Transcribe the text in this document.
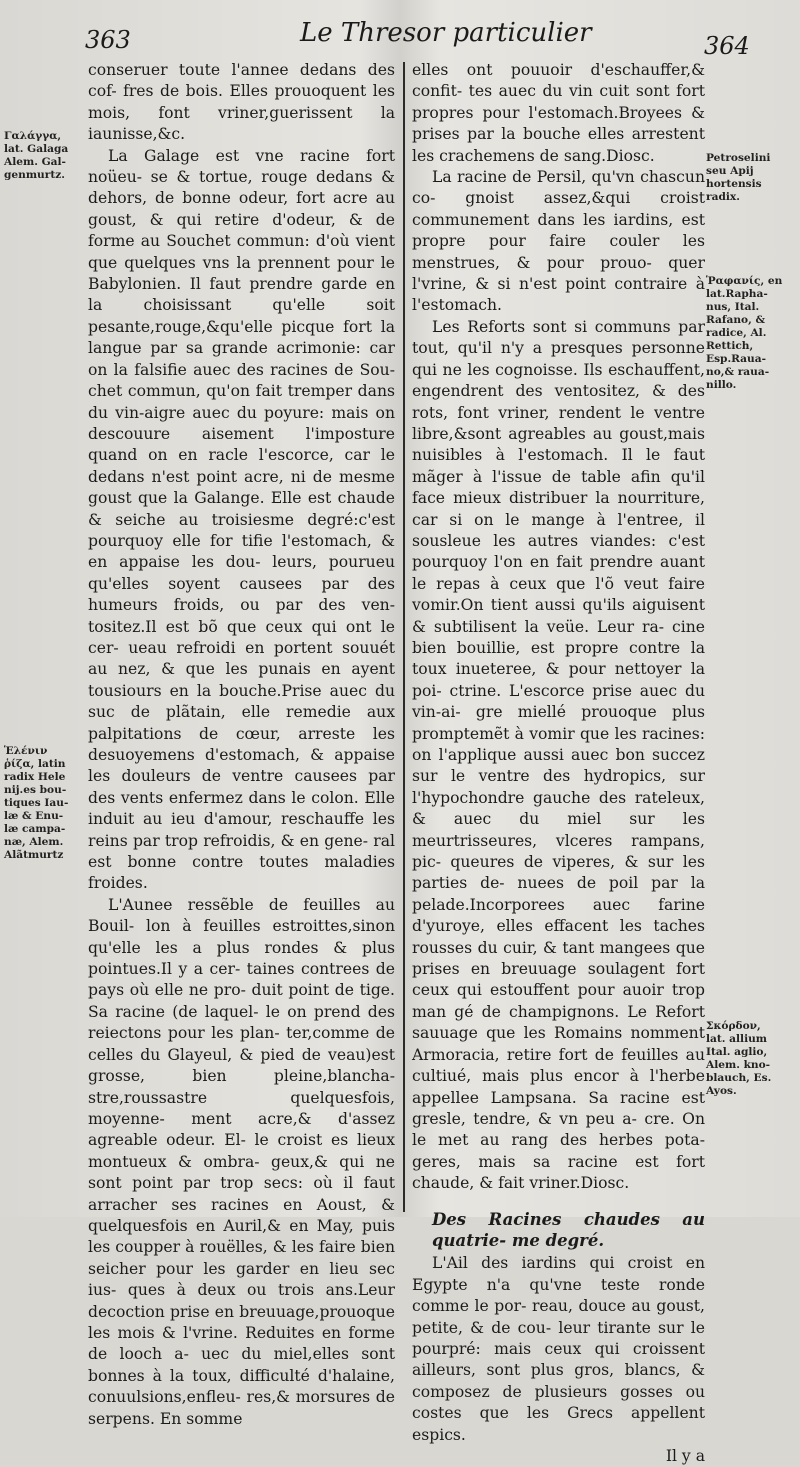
363	Le Thresor particulier	364

conseruer toute l'annee dedans des cof- fres de bois. Elles prouoquent les mois, font vriner,guerissent la iaunisse,&c.

La Galage est vne racine fort noüeu- se & tortue, rouge dedans & dehors, de bonne odeur, fort acre au goust, & qui retire d'odeur, & de forme au Souchet commun: d'où vient que quelques vns la prennent pour le Babylonien. Il faut prendre garde en la choisissant qu'elle soit pesante,rouge,&qu'elle picque fort la langue par sa grande acrimonie: car on la falsifie auec des racines de Sou- chet commun, qu'on fait tremper dans du vin-aigre auec du poyure: mais on descouure aisement l'imposture quand on en racle l'escorce, car le dedans n'est point acre, ni de mesme goust que la Galange. Elle est chaude & seiche au troisiesme degré:c'est pourquoy elle for tifie l'estomach, & en appaise les dou- leurs, pourueu qu'elles soyent causees par des humeurs froids, ou par des ven- tositez.Il est bõ que ceux qui ont le cer- ueau refroidi en portent souuét au nez, & que les punais en ayent tousiours en la bouche.Prise auec du suc de plãtain, elle remedie aux palpitations de cœur, arreste les desuoyemens d'estomach, & appaise les douleurs de ventre causees par des vents enfermez dans le colon. Elle induit au ieu d'amour, reschauffe les reins par trop refroidis, & en gene- ral est bonne contre toutes maladies froides.

L'Aunee ressẽble de feuilles au Bouil- lon à feuilles estroittes,sinon qu'elle les a plus rondes & plus pointues.Il y a cer- taines contrees de pays où elle ne pro- duit point de tige. Sa racine (de laquel- le on prend des reiectons pour les plan- ter,comme de celles du Glayeul, & pied de veau)est grosse, bien pleine,blancha- stre,roussastre quelquesfois, moyenne- ment acre,& d'assez agreable odeur. El- le croist es lieux montueux & ombra- geux,& qui ne sont point par trop secs: où il faut arracher ses racines en Aoust, & quelquesfois en Auril,& en May, puis les coupper à rouëlles, & les faire bien seicher pour les garder en lieu sec ius- ques à deux ou trois ans.Leur decoction prise en breuuage,prouoque les mois & l'vrine. Reduites en forme de looch a- uec du miel,elles sont bonnes à la toux, difficulté d'halaine, conuulsions,enfleu- res,& morsures de serpens. En somme

elles ont pouuoir d'eschauffer,& confit- tes auec du vin cuit sont fort propres pour l'estomach.Broyees & prises par la bouche elles arrestent les crachemens de sang.Diosc.

La racine de Persil, qu'vn chascun co- gnoist assez,&qui croist communement dans les iardins, est propre pour faire couler les menstrues, & pour prouo- quer l'vrine, & si n'est point contraire à l'estomach.

Les Reforts sont si communs par tout, qu'il n'y a presques personne qui ne les cognoisse. Ils eschauffent, engendrent des ventositez, & des rots, font vriner, rendent le ventre libre,&sont agreables au goust,mais nuisibles à l'estomach. Il le faut mãger à l'issue de table afin qu'il face mieux distribuer la nourriture, car si on le mange à l'entree, il sousleue les autres viandes: c'est pourquoy l'on en fait prendre auant le repas à ceux que l'õ veut faire vomir.On tient aussi qu'ils aiguisent & subtilisent la veüe. Leur ra- cine bien bouillie, est propre contre la toux inueteree, & pour nettoyer la poi- ctrine. L'escorce prise auec du vin-ai- gre miellé prouoque plus promptemẽt à vomir que les racines: on l'applique aussi auec bon succez sur le ventre des hydropics, sur l'hypochondre gauche des rateleux, & auec du miel sur les meurtrisseures, vlceres rampans, pic- queures de viperes, & sur les parties de- nuees de poil par la pelade.Incorporees auec farine d'yuroye, elles effacent les taches rousses du cuir, & tant mangees que prises en breuuage soulagent fort ceux qui estouffent pour auoir trop man gé de champignons. Le Refort sauuage que les Romains nomment Armoracia, retire fort de feuilles au cultiué, mais plus encor à l'herbe appellee Lampsana. Sa racine est gresle, tendre, & vn peu a- cre. On le met au rang des herbes pota- geres, mais sa racine est fort chaude, & fait vriner.Diosc.

Des Racines chaudes au quatrie- me degré.

L'Ail des iardins qui croist en Egypte n'a qu'vne teste ronde comme le por- reau, douce au goust, petite, & de cou- leur tirante sur le pourpré: mais ceux qui croissent ailleurs, sont plus gros, blancs, & composez de plusieurs gosses ou costes que les Grecs appellent espics.

Il y a

Γαλάγγα,
lat. Galaga
Alem. Gal-
genmurtz.
Ἑλένιν
ῥίζα, latin
radix Hele
nij.es bou-
tiques Iau-
læ & Enu-
læ campa-
næ, Alem.
Alãtmurtz
Petroselini
seu Apij
hortensis
radix.
Ῥαφανίς, en
lat.Rapha-
nus, Ital.
Rafano, &
radice, Al.
Rettich,
Esp.Raua-
no,& raua-
nillo.
Σκόρδον,
lat. allium
Ital. aglio,
Alem. kno-
blauch, Es.
Ayos.
